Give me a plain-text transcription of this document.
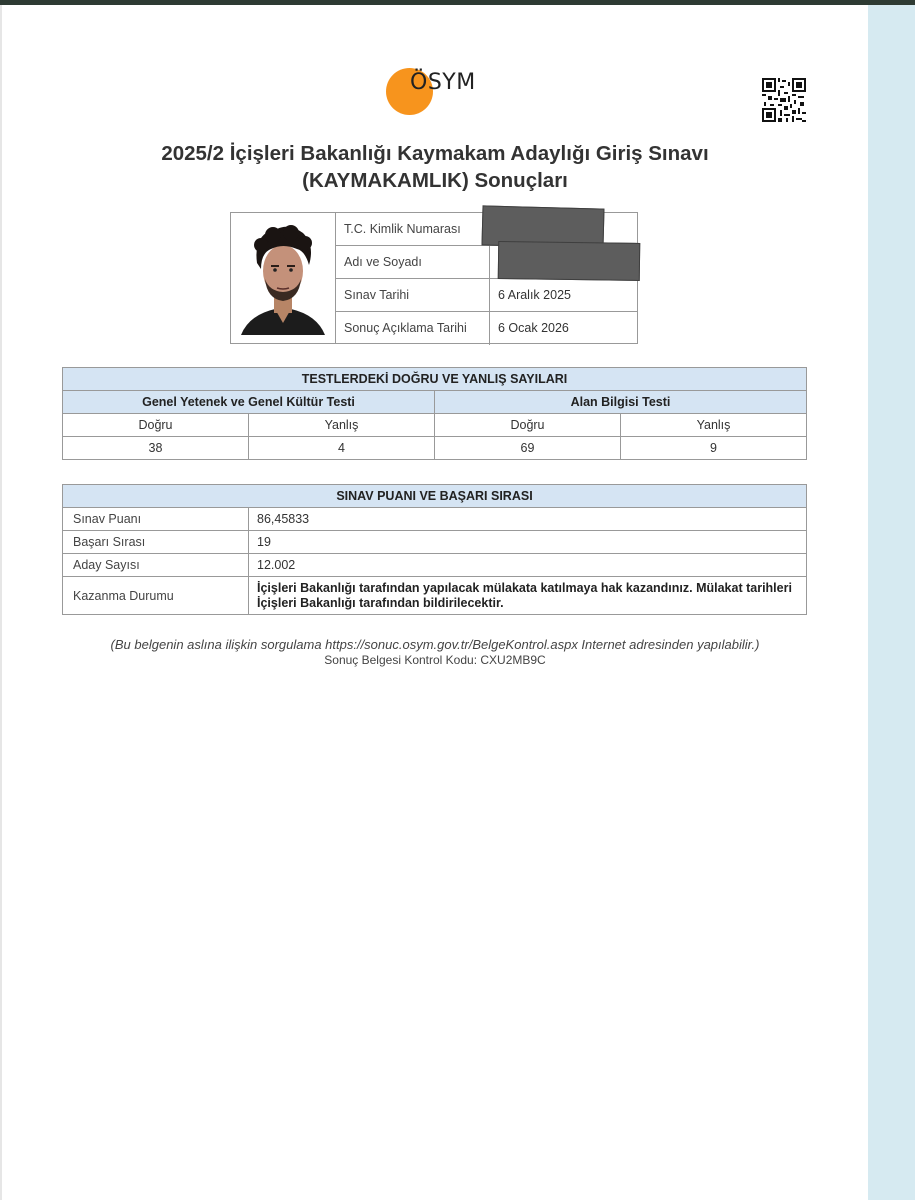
ÖSYM
2025/2 İçişleri Bakanlığı Kaymakam Adaylığı Giriş Sınavı
(KAYMAKAMLIK) Sonuçları
T.C. Kimlik Numarası
Adı ve Soyadı
Sınav Tarihi	6 Aralık 2025
Sonuç Açıklama Tarihi	6 Ocak 2026
TESTLERDEKİ DOĞRU VE YANLIŞ SAYILARI			
Genel Yetenek ve Genel Kültür Testi		Alan Bilgisi Testi	
Doğru	Yanlış	Doğru	Yanlış
38	4	69	9
SINAV PUANI VE BAŞARI SIRASI	
Sınav Puanı	86,45833
Başarı Sırası	19
Aday Sayısı	12.002
Kazanma Durumu	İçişleri Bakanlığı tarafından yapılacak mülakata katılmaya hak kazandınız. Mülakat tarihleri İçişleri Bakanlığı tarafından bildirilecektir.
(Bu belgenin aslına ilişkin sorgulama https://sonuc.osym.gov.tr/BelgeKontrol.aspx Internet adresinden yapılabilir.)
Sonuç Belgesi Kontrol Kodu: CXU2MB9C
